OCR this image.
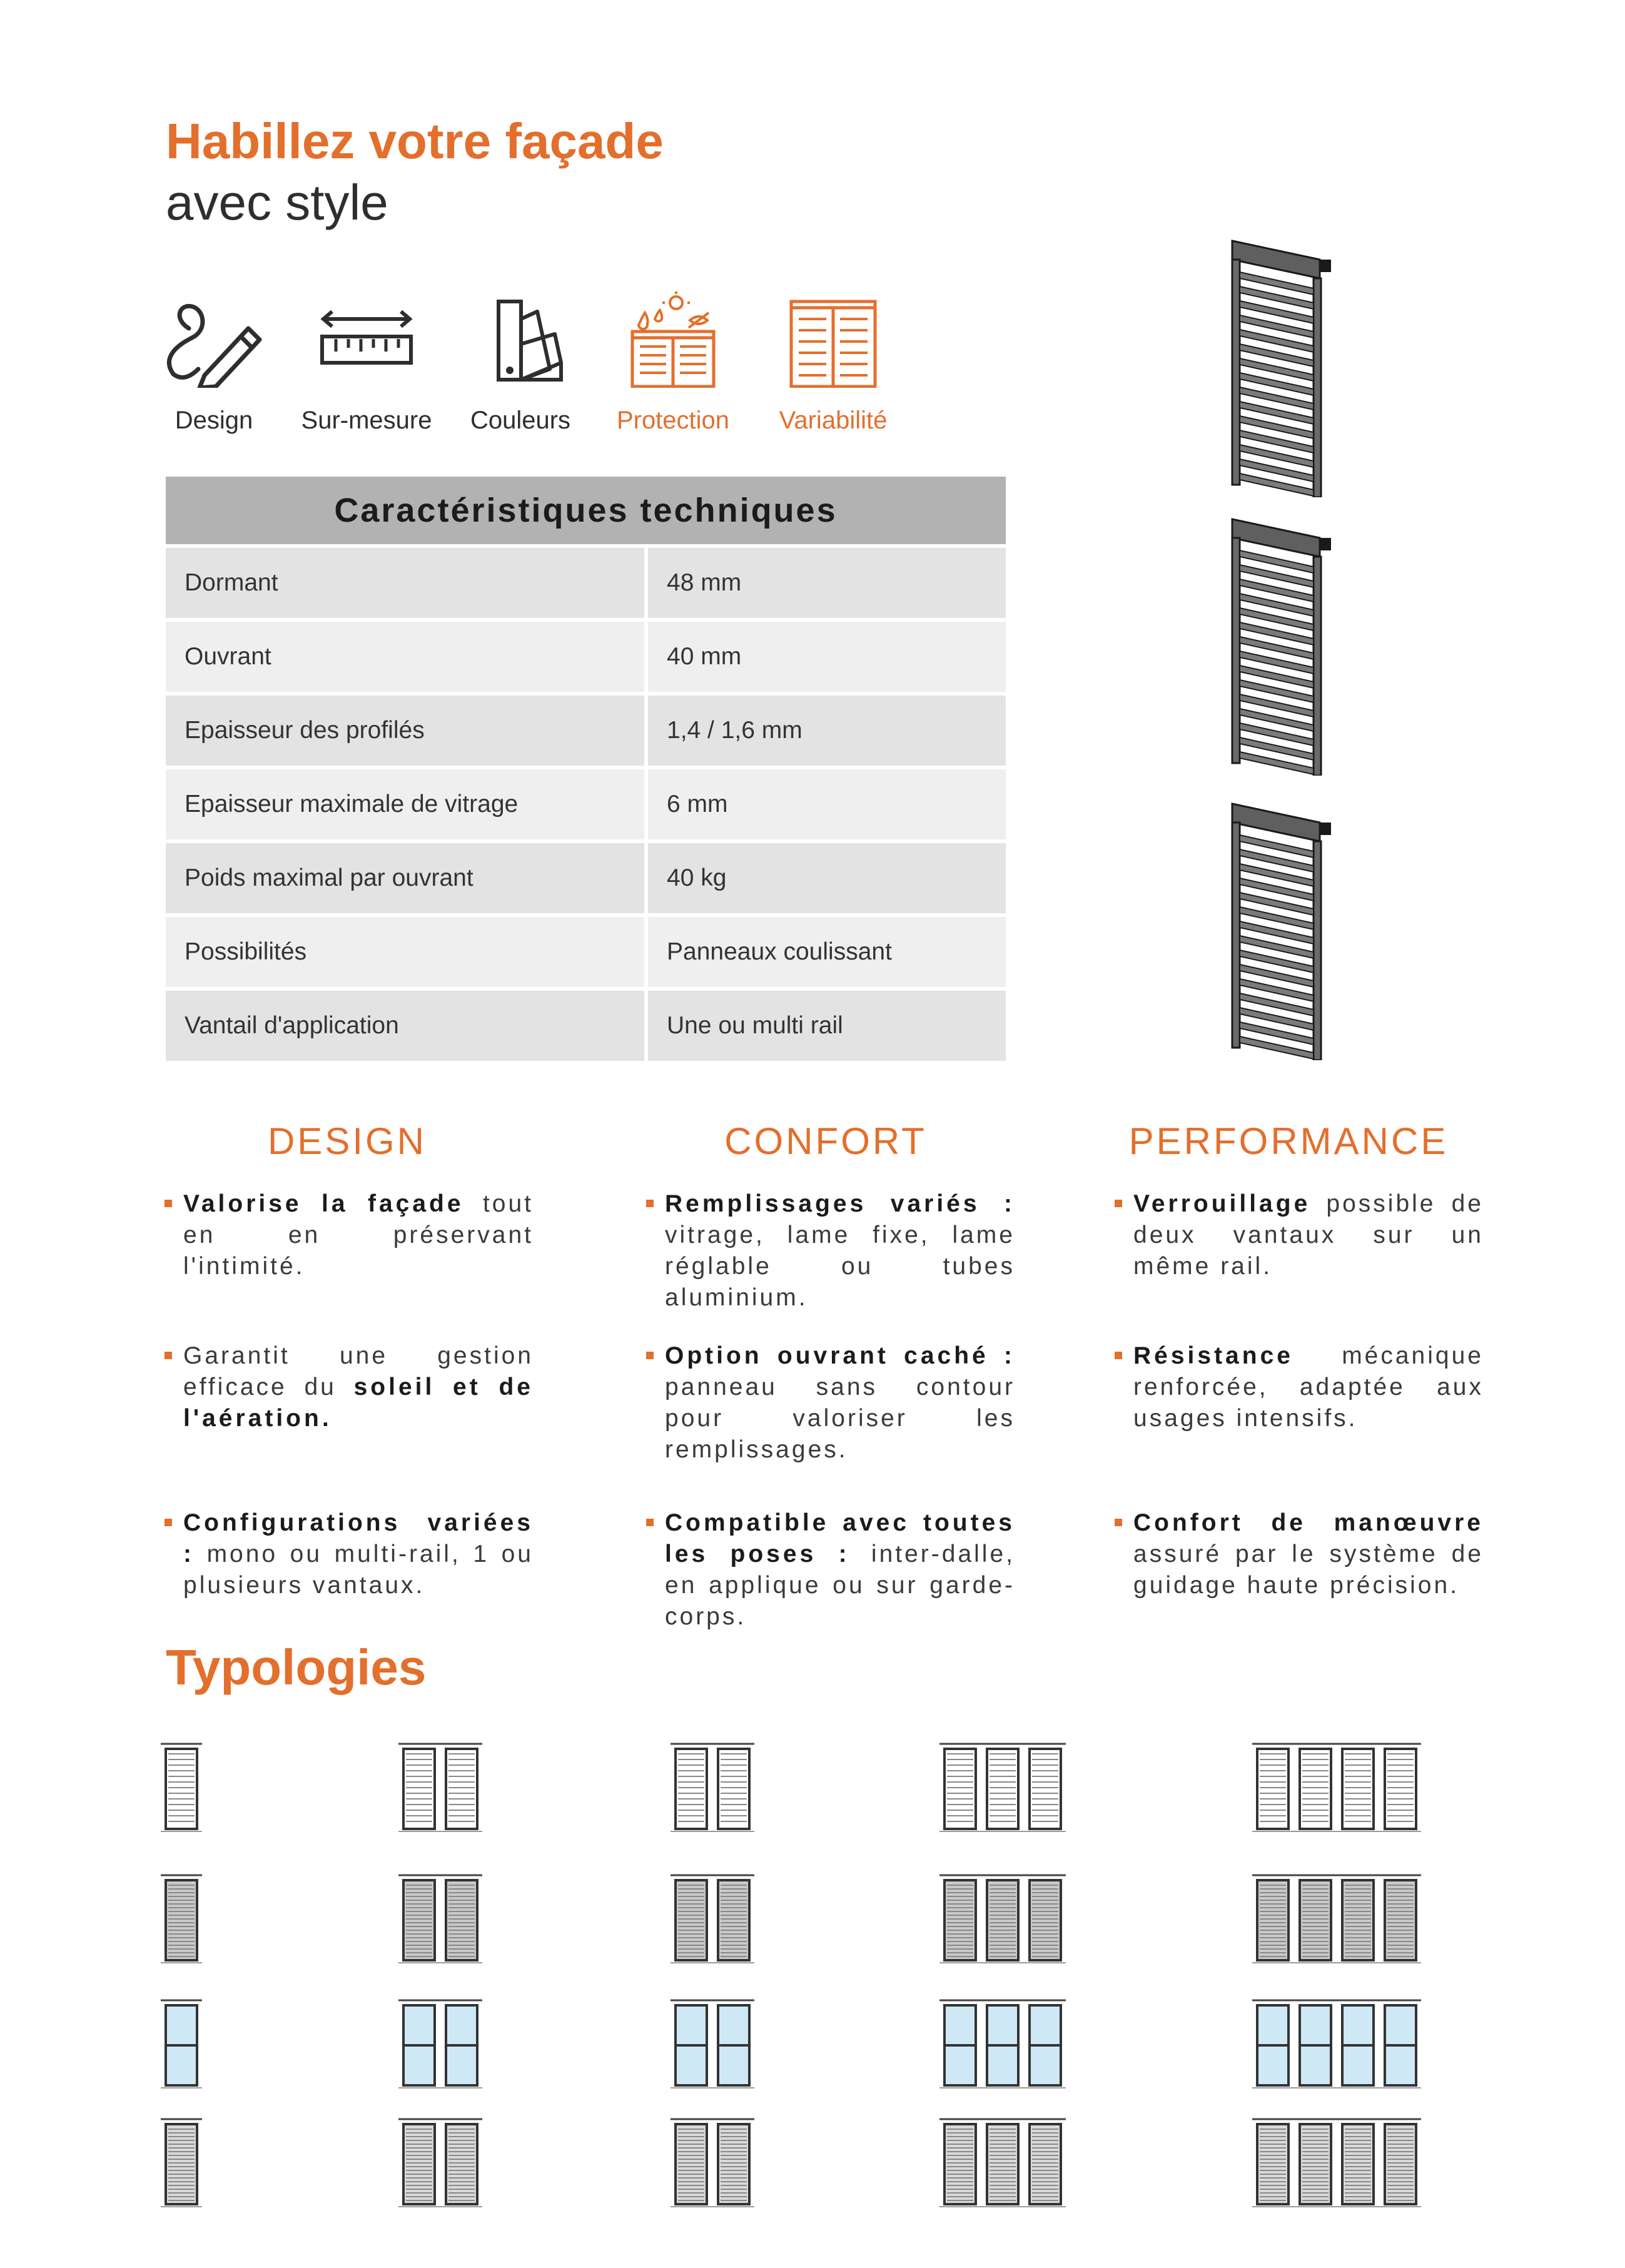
Habillez votre façade
avec style
Design	Sur-mesure	Couleurs	Protection	Variabilité
Caractéristiques techniques
Dormant	48 mm
Ouvrant	40 mm
Epaisseur des profilés	1,4 / 1,6 mm
Epaisseur maximale de vitrage	6 mm
Poids maximal par ouvrant	40 kg
Possibilités	Panneaux coulissant
Vantail d'application	Une ou multi rail
DESIGN	CONFORT	PERFORMANCE
Valorise la façade tout en en préservant l'intimité.
Garantit une gestion efficace du soleil et de l'aération.
Configurations variées : mono ou multi-rail, 1 ou plusieurs vantaux.
Remplissages variés : vitrage, lame fixe, lame réglable ou tubes aluminium.
Option ouvrant caché : panneau sans contour pour valoriser les remplissages.
Compatible avec toutes les poses : inter-dalle, en applique ou sur garde-corps.
Verrouillage possible de deux vantaux sur un même rail.
Résistance mécanique renforcée, adaptée aux usages intensifs.
Confort de manœuvre assuré par le système de guidage haute précision.
Typologies
